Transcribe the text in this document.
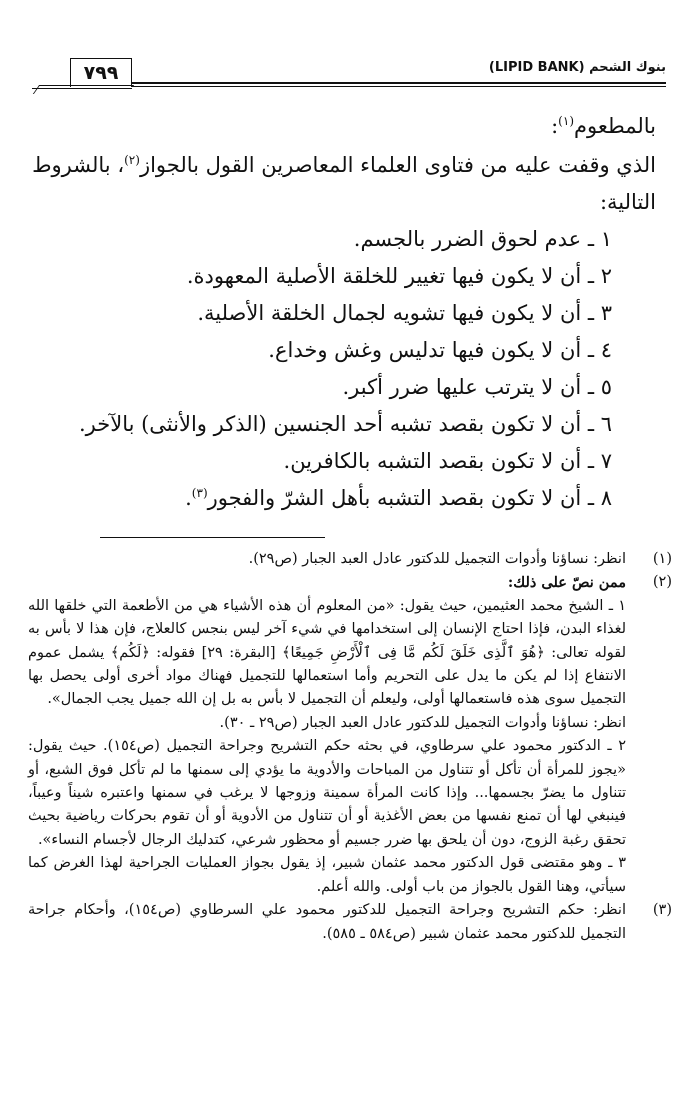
بنوك الشحم (LIPID BANK)
٧٩٩
بالمطعوم$^{(١)}$:
الذي وقفت عليه من فتاوى العلماء المعاصرين القول بالجواز$^{(٢)}$، بالشروط
التالية:
١ ـ عدم لحوق الضرر بالجسم.
٢ ـ أن لا يكون فيها تغيير للخلقة الأصلية المعهودة.
٣ ـ أن لا يكون فيها تشويه لجمال الخلقة الأصلية.
٤ ـ أن لا يكون فيها تدليس وغش وخداع.
٥ ـ أن لا يترتب عليها ضرر أكبر.
٦ ـ أن لا تكون بقصد تشبه أحد الجنسين (الذكر والأنثى) بالآخر.
٧ ـ أن لا تكون بقصد التشبه بالكافرين.
٨ ـ أن لا تكون بقصد التشبه بأهل الشرّ والفجور$^{(٣)}$.
(١)

انظر: نساؤنا وأدوات التجميل للدكتور عادل العبد الجبار (ص٢٩).

(٢)

ممن نصّ على ذلك:

١ ـ الشيخ محمد العثيمين، حيث يقول: «من المعلوم أن هذه الأشياء هي من الأطعمة التي خلقها الله لغذاء البدن، فإذا احتاج الإنسان إلى استخدامها في شيء آخر ليس بنجس كالعلاج، فإن هذا لا بأس به لقوله تعالى: ﴿هُوَ ٱلَّذِى خَلَقَ لَكُم مَّا فِى ٱلْأَرْضِ جَمِيعًا﴾ [البقرة: ٢٩] فقوله: ﴿لَكُم﴾ يشمل عموم الانتفاع إذا لم يكن ما يدل على التحريم وأما استعمالها للتجميل فهناك مواد أخرى أولى يحصل بها التجميل سوى هذه فاستعمالها أولى، وليعلم أن التجميل لا بأس به بل إن الله جميل يجب الجمال».

انظر: نساؤنا وأدوات التجميل للدكتور عادل العبد الجبار (ص٢٩ ـ ٣٠).

٢ ـ الدكتور محمود علي سرطاوي، في بحثه حكم التشريح وجراحة التجميل (ص١٥٤). حيث يقول: «يجوز للمرأة أن تأكل أو تتناول من المباحات والأدوية ما يؤدي إلى سمنها ما لم تأكل فوق الشبع، أو تتناول ما يضرّ بجسمها... وإذا كانت المرأة سمينة وزوجها لا يرغب في سمنها واعتبره شيناً وعيباً، فينبغي لها أن تمنع نفسها من بعض الأغذية أو أن تتناول من الأدوية أو أن تقوم بحركات رياضية بحيث تحقق رغبة الزوج، دون أن يلحق بها ضرر جسيم أو محظور شرعي، كتدليك الرجال لأجسام النساء».

٣ ـ وهو مقتضى قول الدكتور محمد عثمان شبير، إذ يقول بجواز العمليات الجراحية لهذا الغرض كما سيأتي، وهنا القول بالجواز من باب أولى. والله أعلم.

(٣)

انظر: حكم التشريح وجراحة التجميل للدكتور محمود علي السرطاوي (ص١٥٤)، وأحكام جراحة التجميل للدكتور محمد عثمان شبير (ص٥٨٤ ـ ٥٨٥).
